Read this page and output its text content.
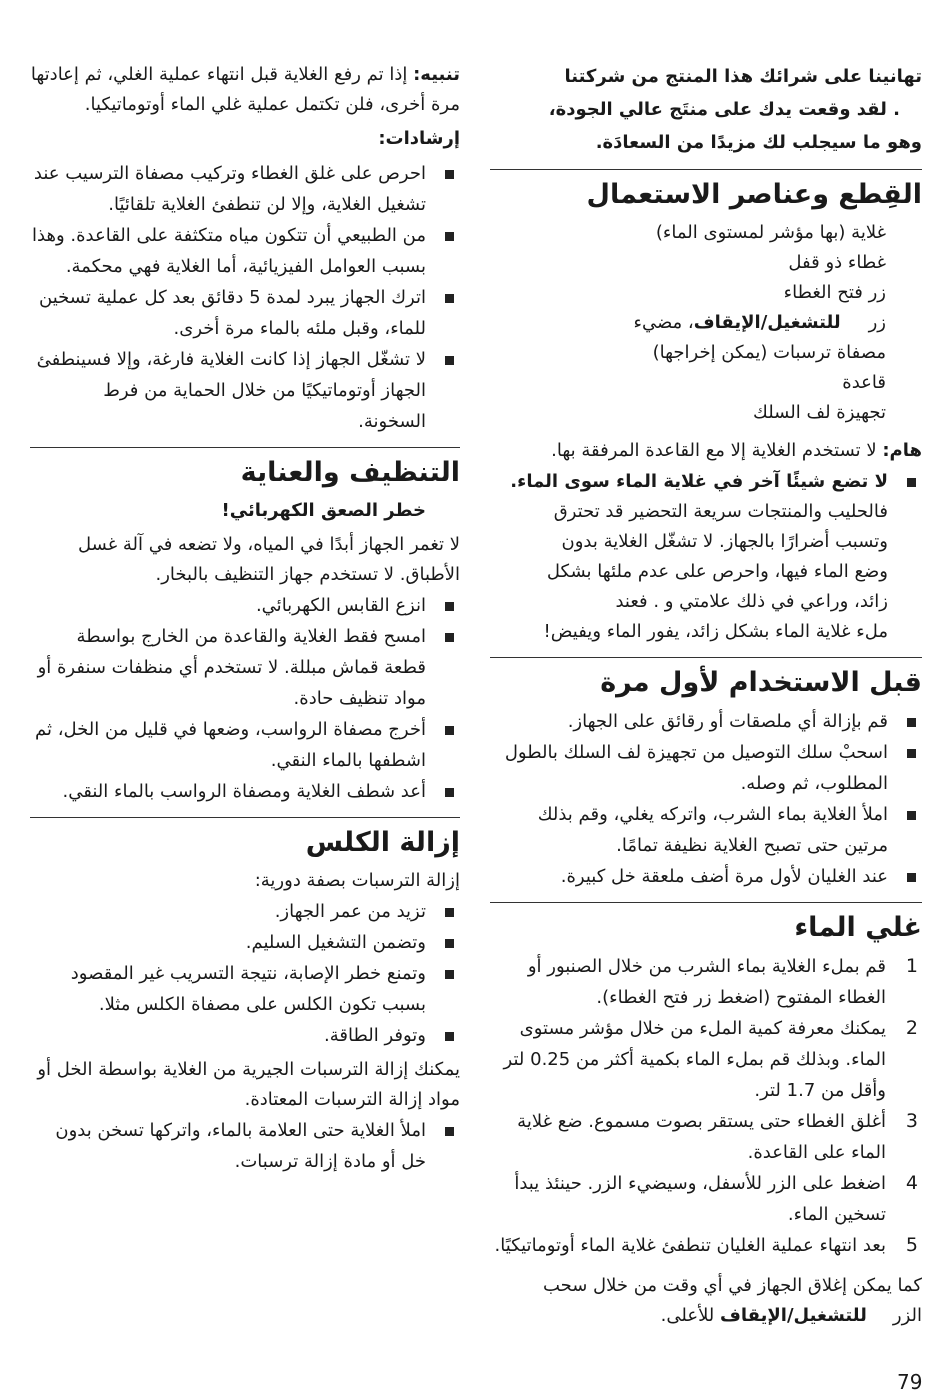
تهانينا على شرائك هذا المنتج من شركتنا

. لقد وقعت يدك على منتَج عالي الجودة،

وهو ما سيجلب لك مزيدًا من السعادَة.

القِطع وعناصر الاستعمال

غلاية (بها مؤشر لمستوى الماء)

غطاء ذو قفل

زر فتح الغطاء

زرللتشغيل/الإيقاف، مضيء

مصفاة ترسبات (يمكن إخراجها)

قاعدة

تجهيزة لف السلك

هام: لا تستخدم الغلاية إلا مع القاعدة المرفقة بها.

لا تضع شيئًا آخر في غلاية الماء سوى الماء.

فالحليب والمنتجات سريعة التحضير قد تحترق

وتسبب أضرارًا بالجهاز. لا تشغّل الغلاية بدون

وضع الماء فيها، واحرص على عدم ملئها بشكل

زائد، وراعي في ذلك علامتي و . فعند

ملء غلاية الماء بشكل زائد، يفور الماء ويفيض!

قبل الاستخدام لأول مرة
قم بإزالة أي ملصقات أو رقائق على الجهاز.
اسحبْ سلك التوصيل من تجهيزة لف السلك بالطول المطلوب، ثم وصله.
املأ الغلاية بماء الشرب، واتركه يغلي، وقم بذلك مرتين حتى تصبح الغلاية نظيفة تمامًا.
عند الغليان لأول مرة أضف ملعقة خل كبيرة.
غلي الماء
1
قم بملء الغلاية بماء الشرب من خلال الصنبور أو الغطاء المفتوح (اضغط زر فتح الغطاء).
2
يمكنك معرفة كمية الملء من خلال مؤشر مستوى الماء. وبذلك قم بملء الماء بكمية أكثر من 0.25 لتر وأقل من 1.7 لتر.
3
أغلق الغطاء حتى يستقر بصوت مسموع. ضع غلاية الماء على القاعدة.
4
اضغط على الزر للأسفل، وسيضيء الزر. حينئذ يبدأ تسخين الماء.
5
بعد انتهاء عملية الغليان تنطفئ غلاية الماء أوتوماتيكيًا.

كما يمكن إغلاق الجهاز في أي وقت من خلال سحب

الزرللتشغيل/الإيقاف للأعلى.

تنبيه: إذا تم رفع الغلاية قبل انتهاء عملية الغلي، ثم إعادتها مرة أخرى، فلن تكتمل عملية غلي الماء أوتوماتيكيا.

إرشادات:
احرص على غلق الغطاء وتركيب مصفاة الترسيب عند تشغيل الغلاية، وإلا لن تنطفئ الغلاية تلقائيًا.
من الطبيعي أن تتكون مياه متكثفة على القاعدة. وهذا بسبب العوامل الفيزيائية، أما الغلاية فهي محكمة.
اترك الجهاز يبرد لمدة 5 دقائق بعد كل عملية تسخين للماء، وقبل ملئه بالماء مرة أخرى.
لا تشغّل الجهاز إذا كانت الغلاية فارغة، وإلا فسينطفئ الجهاز أوتوماتيكيًا من خلال الحماية من فرط السخونة.
التنظيف والعناية
خطر الصعق الكهربائي!

لا تغمر الجهاز أبدًا في المياه، ولا تضعه في آلة غسل الأطباق. لا تستخدم جهاز التنظيف بالبخار.

انزع القابس الكهربائي.
امسح فقط الغلاية والقاعدة من الخارج بواسطة قطعة قماش مبللة. لا تستخدم أي منظفات سنفرة أو مواد تنظيف حادة.
أخرج مصفاة الرواسب، وضعها في قليل من الخل، ثم اشطفها بالماء النقي.
أعد شطف الغلاية ومصفاة الرواسب بالماء النقي.
إزالة الكلس

إزالة الترسبات بصفة دورية:

تزيد من عمر الجهاز.
وتضمن التشغيل السليم.
وتمنع خطر الإصابة، نتيجة التسريب غير المقصود بسبب تكون الكلس على مصفاة الكلس مثلا.
وتوفر الطاقة.

يمكنك إزالة الترسبات الجيرية من الغلاية بواسطة الخل أو مواد إزالة الترسبات المعتادة.

املأ الغلاية حتى العلامة بالماء، واتركها تسخن بدون خل أو مادة إزالة ترسبات.
79
